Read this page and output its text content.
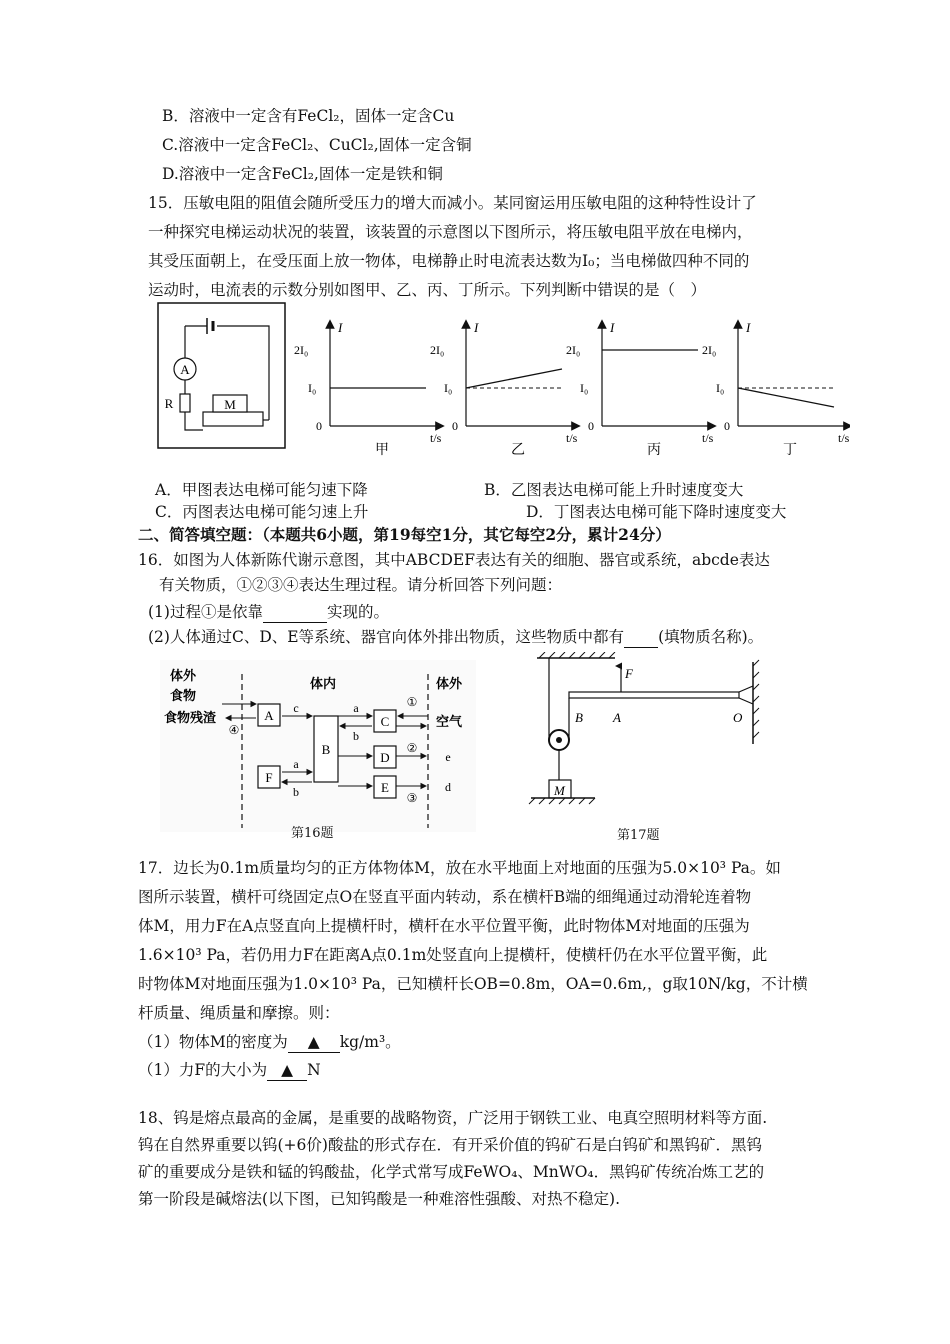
B．溶液中一定含有FeCl₂，固体一定含Cu
C.溶液中一定含FeCl₂、CuCl₂,固体一定含铜
D.溶液中一定含FeCl₂,固体一定是铁和铜
15．压敏电阻的阻值会随所受压力的增大而减小。某同窗运用压敏电阻的这种特性设计了
一种探究电梯运动状况的装置，该装置的示意图以下图所示，将压敏电阻平放在电梯内，
其受压面朝上，在受压面上放一物体，电梯静止时电流表达数为I₀；当电梯做四种不同的
运动时，电流表的示数分别如图甲、乙、丙、丁所示。下列判断中错误的是（　）
A
R	M
I
t/s
0
2I₀
I₀
甲
I
t/s
0
2I₀
I₀
乙
I
t/s
0
2I₀
I₀
丙
I
t/s
0
2I₀
I₀
丁
A．甲图表达电梯可能匀速下降	B．乙图表达电梯可能上升时速度变大
C．丙图表达电梯可能匀速上升	D．丁图表达电梯可能下降时速度变大
二、简答填空题：（本题共6小题，第19每空1分，其它每空2分，累计24分）
16．如图为人体新陈代谢示意图，其中ABCDEF表达有关的细胞、器官或系统，abcde表达
有关物质，①②③④表达生理过程。请分析回答下列问题：
(1)过程①是依靠	实现的。
(2)人体通过C、D、E等系统、器官向体外排出物质，这些物质中都有 (填物质名称)。
体外
食物
食物残渣
体内	体外
空气
A
B
C
D
E
F
c	a
b
a
b
e
d
①
②
③
④
第16题
F
B A	O
M
第17题
17．边长为0.1m质量均匀的正方体物体M，放在水平地面上对地面的压强为5.0×10³ Pa。如
图所示装置，横杆可绕固定点O在竖直平面内转动，系在横杆B端的细绳通过动滑轮连着物
体M，用力F在A点竖直向上提横杆时，横杆在水平位置平衡，此时物体M对地面的压强为
1.6×10³ Pa，若仍用力F在距离A点0.1m处竖直向上提横杆，使横杆仍在水平位置平衡，此
时物体M对地面压强为1.0×10³ Pa，已知横杆长OB=0.8m，OA=0.6m,，g取10N/kg，不计横
杆质量、绳质量和摩擦。则：
（1）物体M的密度为 ▲ kg/m³。
（1）力F的大小为 ▲ N
18、钨是熔点最高的金属，是重要的战略物资，广泛用于钢铁工业、电真空照明材料等方面.
钨在自然界重要以钨(+6价)酸盐的形式存在．有开采价值的钨矿石是白钨矿和黑钨矿．黑钨
矿的重要成分是铁和锰的钨酸盐，化学式常写成FeWO₄、MnWO₄．黑钨矿传统冶炼工艺的
第一阶段是碱熔法(以下图，已知钨酸是一种难溶性强酸、对热不稳定).
